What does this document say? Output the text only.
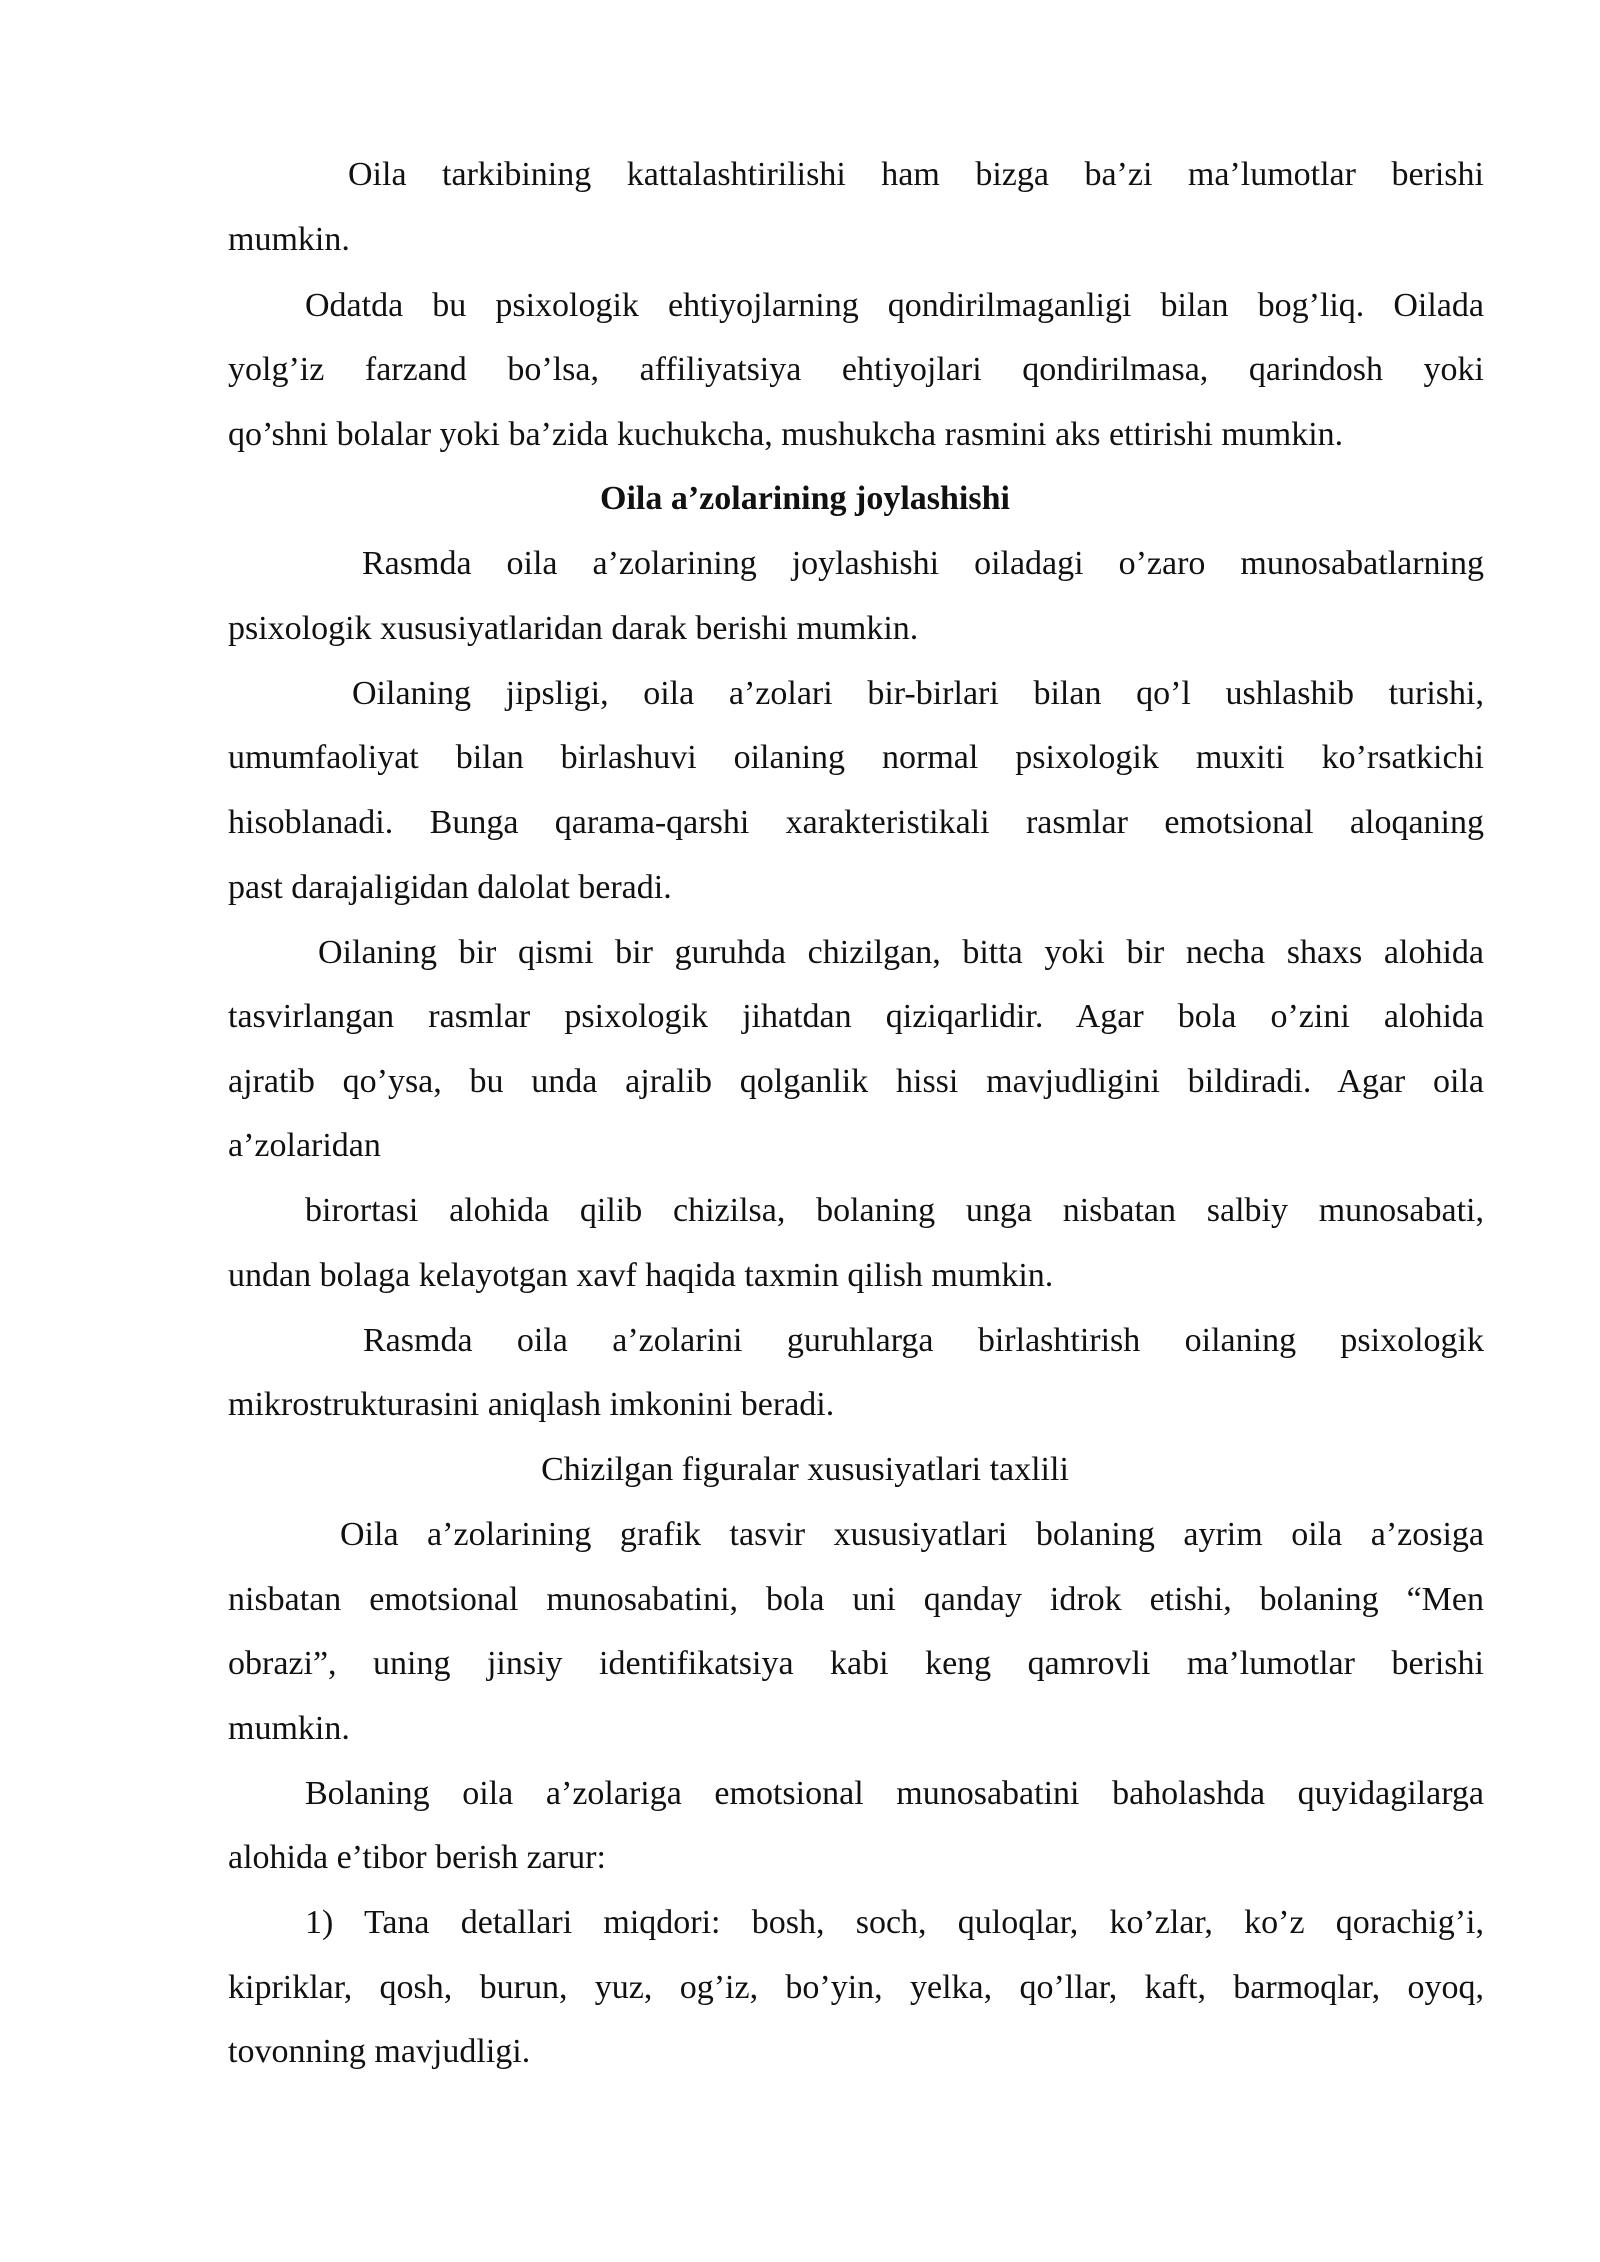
Oila tarkibining kattalashtirilishi ham bizga ba’zi ma’lumotlar berishi
mumkin.
Odatda bu psixologik ehtiyojlarning qondirilmaganligi bilan bog’liq. Oilada
yolg’iz farzand bo’lsa, affiliyatsiya ehtiyojlari qondirilmasa, qarindosh yoki
qo’shni bolalar yoki ba’zida kuchukcha, mushukcha rasmini aks ettirishi mumkin.
Oila a’zolarining joylashishi
Rasmda oila a’zolarining joylashishi oiladagi o’zaro munosabatlarning
psixologik xususiyatlaridan darak berishi mumkin.
Oilaning jipsligi, oila a’zolari bir-birlari bilan qo’l ushlashib turishi,
umumfaoliyat bilan birlashuvi oilaning normal psixologik muxiti ko’rsatkichi
hisoblanadi. Bunga qarama-qarshi xarakteristikali rasmlar emotsional aloqaning
past darajaligidan dalolat beradi.
Oilaning bir qismi bir guruhda chizilgan, bitta yoki bir necha shaxs alohida
tasvirlangan rasmlar psixologik jihatdan qiziqarlidir. Agar bola o’zini alohida
ajratib qo’ysa, bu unda ajralib qolganlik hissi mavjudligini bildiradi. Agar oila
a’zolaridan
birortasi alohida qilib chizilsa, bolaning unga nisbatan salbiy munosabati,
undan bolaga kelayotgan xavf haqida taxmin qilish mumkin.
Rasmda oila a’zolarini guruhlarga birlashtirish oilaning psixologik
mikrostrukturasini aniqlash imkonini beradi.
Chizilgan figuralar xususiyatlari taxlili
Oila a’zolarining grafik tasvir xususiyatlari bolaning ayrim oila a’zosiga
nisbatan emotsional munosabatini, bola uni qanday idrok etishi, bolaning “Men
obrazi”, uning jinsiy identifikatsiya kabi keng qamrovli ma’lumotlar berishi
mumkin.
Bolaning oila a’zolariga emotsional munosabatini baholashda quyidagilarga
alohida e’tibor berish zarur:
1) Tana detallari miqdori: bosh, soch, quloqlar, ko’zlar, ko’z qorachig’i,
kipriklar, qosh, burun, yuz, og’iz, bo’yin, yelka, qo’llar, kaft, barmoqlar, oyoq,
tovonning mavjudligi.
